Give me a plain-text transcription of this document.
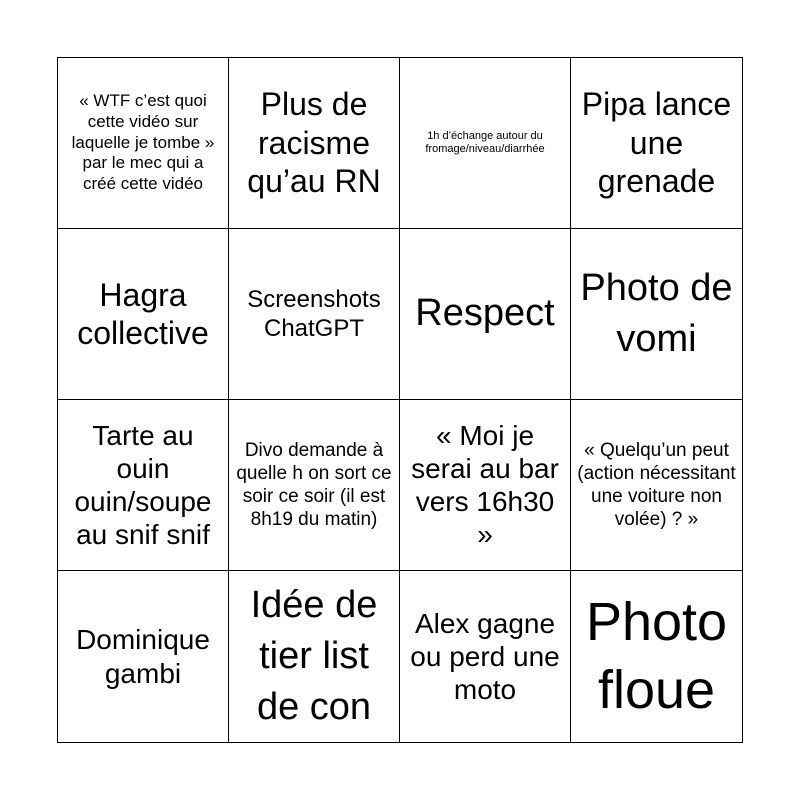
« WTF c’est quoi cette vidéo sur laquelle je tombe » par le mec qui a créé cette vidéo
Plus de racisme qu’au RN
1h d’échange autour du fromage/niveau/diarrhée
Pipa lance une grenade
Hagra collective
Screenshots ChatGPT	Respect
Photo de vomi
Tarte au ouin ouin/soupe au snif snif
Divo demande à quelle h on sort ce soir ce soir (il est 8h19 du matin)
« Moi je serai au bar vers 16h30 »
« Quelqu’un peut (action nécessitant une voiture non volée) ? »
Dominique gambi
Idée de tier list de con
Alex gagne ou perd une moto
Photo floue
